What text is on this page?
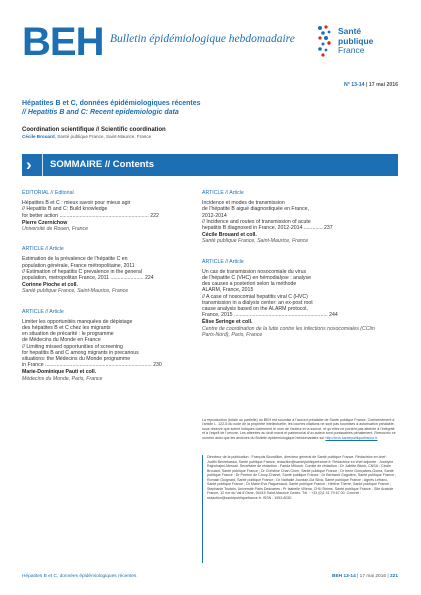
BEH Bulletin épidémiologique hebdomadaire
Santé
publique
France
N° 13-14 | 17 mai 2016
Hépatites B et C, données épidémiologiques récentes
// Hepatitis B and C: Recent epidemiologic data
Coordination scientifique // Scientific coordination
Cécile Brouard, Santé publique France, Saint-Maurice, France
› SOMMAIRE // Contents
ÉDITORIAL // Editorial
Hépatites B et C : mieux savoir pour mieux agir
// Hepatitis B and C: Build knowledge
for better action .............................................................. 222
Pierre Czernichow
Université de Rouen, France
ARTICLE // Article
Estimation de la prévalence de l’hépatite C en
population générale, France métropolitaine, 2011
// Estimation of hepatitis C prevalence in the general
population, metropolitan France, 2011 ....................... 224
Corinne Pioche et coll.
Santé publique France, Saint-Maurice, France
ARTICLE // Article
Limiter les opportunités manquées de dépistage
des hépatites B et C chez les migrants
en situation de précarité : le programme
de Médecins du Monde en France
// Limiting missed opportunities of screening
for hepatitis B and C among migrants in precarious
situations: the Médecins du Monde programme
in France .......................................................................... 230
Marie-Dominique Pauti et coll.
Médecins du Monde, Paris, France
ARTICLE // Article
Incidence et modes de transmission
de l’hépatite B aiguë diagnostiquée en France,
2012-2014
// Incidence and routes of transmission of acute
hepatitis B diagnosed in France, 2012-2014 ............. 237
Cécile Brouard et coll.
Santé publique France, Saint-Maurice, France
ARTICLE // Article
Un cas de transmission nosocomiale du virus
de l’hépatite C (VHC) en hémodialyse : analyse
des causes a posteriori selon la méthode
ALARM, France, 2015
// A case of nosocomial hepatitis viral C (HVC)
transmission in a dialysis center: an ex-post root
cause analysis based on the ALARM protocol,
France, 2015 ................................................................. 244
Élise Seringe et coll.
Centre de coordination de la lutte contre les infections nosocomiales (CClin Paris-Nord), Paris, France
La reproduction (totale ou partielle) du BEH est soumise à l’accord préalable de Santé publique France. Conformément à l’article L. 122-5 du code de la propriété intellectuelle, les courtes citations ne sont pas soumises à autorisation préalable, sous réserve que soient indiqués clairement le nom de l’auteur et la source, et qu’elles ne portent pas atteinte à l’intégrité et à l’esprit de l’oeuvre. Les atteintes au droit moral et patrimonial d’un auteur sont punissables pénalement. Retrouvez ce numéro ainsi que les archives du Bulletin épidémiologique hebdomadaire sur http://invs.santepubliquefrance.fr
Directeur de la publication : François Bourdillon, directeur général de Santé publique France. Rédactrice en chef : Judith Benrekassa, Santé publique France, redaction@santepubliquefrance.fr. Rédactrice en chef adjointe : Jocelyne Rajnchapel-Messaï. Secrétaire de rédaction : Farida Mihoub. Comité de rédaction : Dr Juliette Bloch, CNSA ; Cécile Brouard, Santé publique France ; Dr Christine Chan Chee, Santé publique France ; Dr Irène Gonçalves-Goma, Santé publique France ; Dr Perrine de Crouy-Chanel, Santé publique France ; Dr Bertrand Gagnière, Santé publique France ; Romain Guignard, Santé publique France ; Dr Nathalie Jourdan-Da Silva, Santé publique France ; Agnès Lefranc, Santé publique France ; Dr Marie-Eve Raguenaud, Santé publique France ; Hélène Therre, Santé publique France ; Stéphanie Toutain, Université Paris Descartes ; Pr Isabelle Villena, CHU Reims. Santé publique France - Site Anatole France, 12 rue du Val d’Osne, 94415 Saint-Maurice Cedex. Tél. : +33 (0)1 41 79 67 00. Courriel : redaction@santepubliquefrance.fr. ISSN : 1953-8030
Hépatites B et C, données épidémiologiques récentes	BEH 13-14 | 17 mai 2016 | 221
